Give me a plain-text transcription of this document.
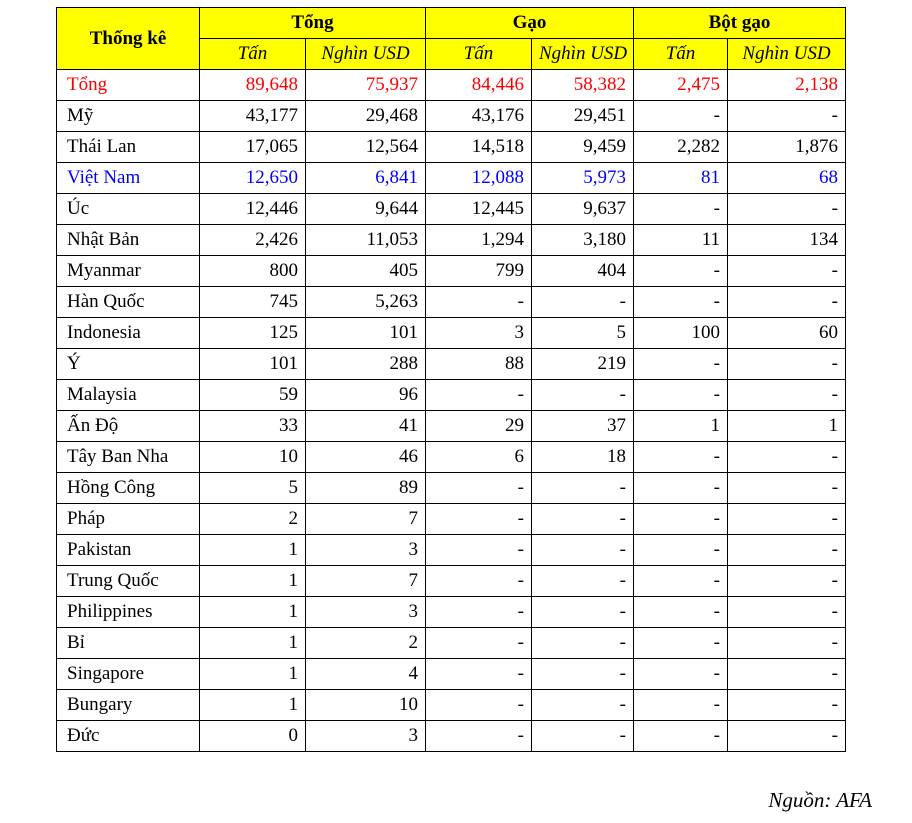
Thống kê	Tổng		Gạo		Bột gạo	
	Tấn	Nghìn USD	Tấn	Nghìn USD	Tấn	Nghìn USD
Tổng	89,648	75,937	84,446	58,382	2,475	2,138
Mỹ	43,177	29,468	43,176	29,451	-	-
Thái Lan	17,065	12,564	14,518	9,459	2,282	1,876
Việt Nam	12,650	6,841	12,088	5,973	81	68
Úc	12,446	9,644	12,445	9,637	-	-
Nhật Bản	2,426	11,053	1,294	3,180	11	134
Myanmar	800	405	799	404	-	-
Hàn Quốc	745	5,263	-	-	-	-
Indonesia	125	101	3	5	100	60
Ý	101	288	88	219	-	-
Malaysia	59	96	-	-	-	-
Ấn Độ	33	41	29	37	1	1
Tây Ban Nha	10	46	6	18	-	-
Hồng Công	5	89	-	-	-	-
Pháp	2	7	-	-	-	-
Pakistan	1	3	-	-	-	-
Trung Quốc	1	7	-	-	-	-
Philippines	1	3	-	-	-	-
Bỉ	1	2	-	-	-	-
Singapore	1	4	-	-	-	-
Bungary	1	10	-	-	-	-
Đức	0	3	-	-	-	-
Nguồn: AFA
